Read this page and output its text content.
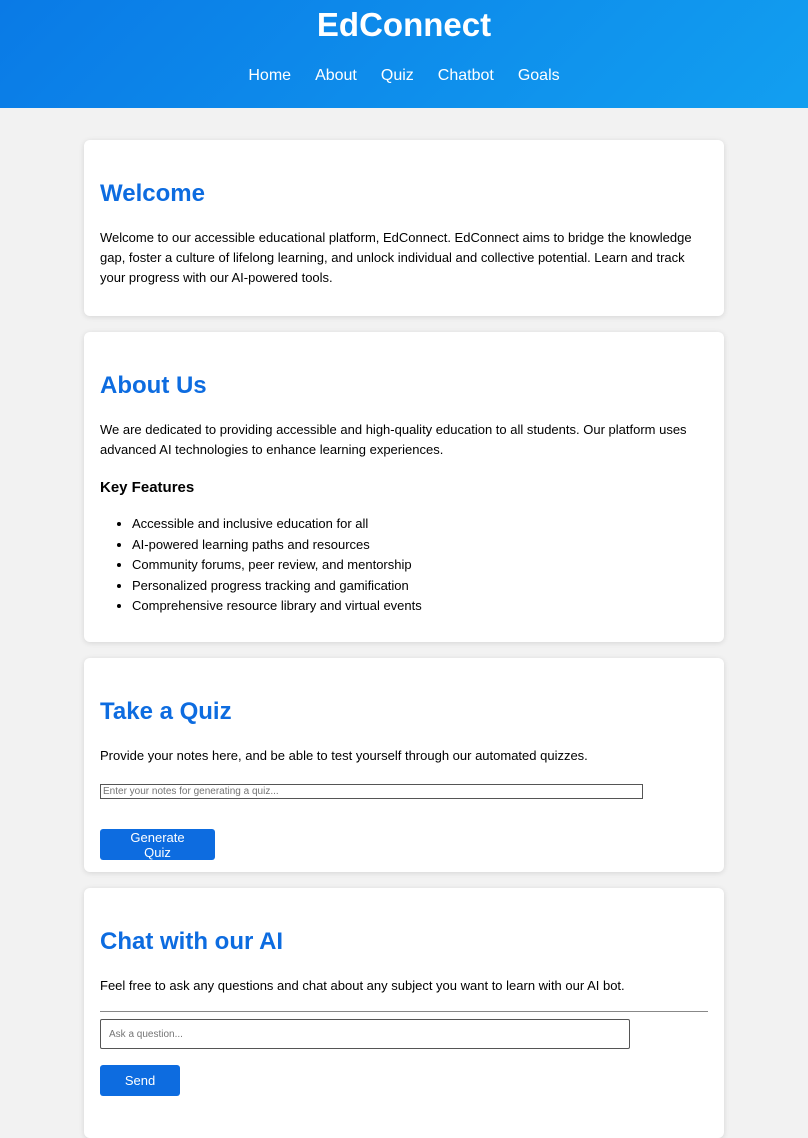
EdConnect
Home About Quiz Chatbot Goals
Welcome

Welcome to our accessible educational platform, EdConnect. EdConnect aims to bridge the knowledge gap, foster a culture of lifelong learning, and unlock individual and collective potential. Learn and track your progress with our AI-powered tools.

About Us

We are dedicated to providing accessible and high-quality education to all students. Our platform uses advanced AI technologies to enhance learning experiences.

Key Features
• Accessible and inclusive education for all
• AI-powered learning paths and resources
• Community forums, peer review, and mentorship
• Personalized progress tracking and gamification
• Comprehensive resource library and virtual events
Take a Quiz

Provide your notes here, and be able to test yourself through our automated quizzes.

Enter your notes for generating a quiz... Generate Quiz
Chat with our AI

Feel free to ask any questions and chat about any subject you want to learn with our AI bot.

Ask a question... Send
